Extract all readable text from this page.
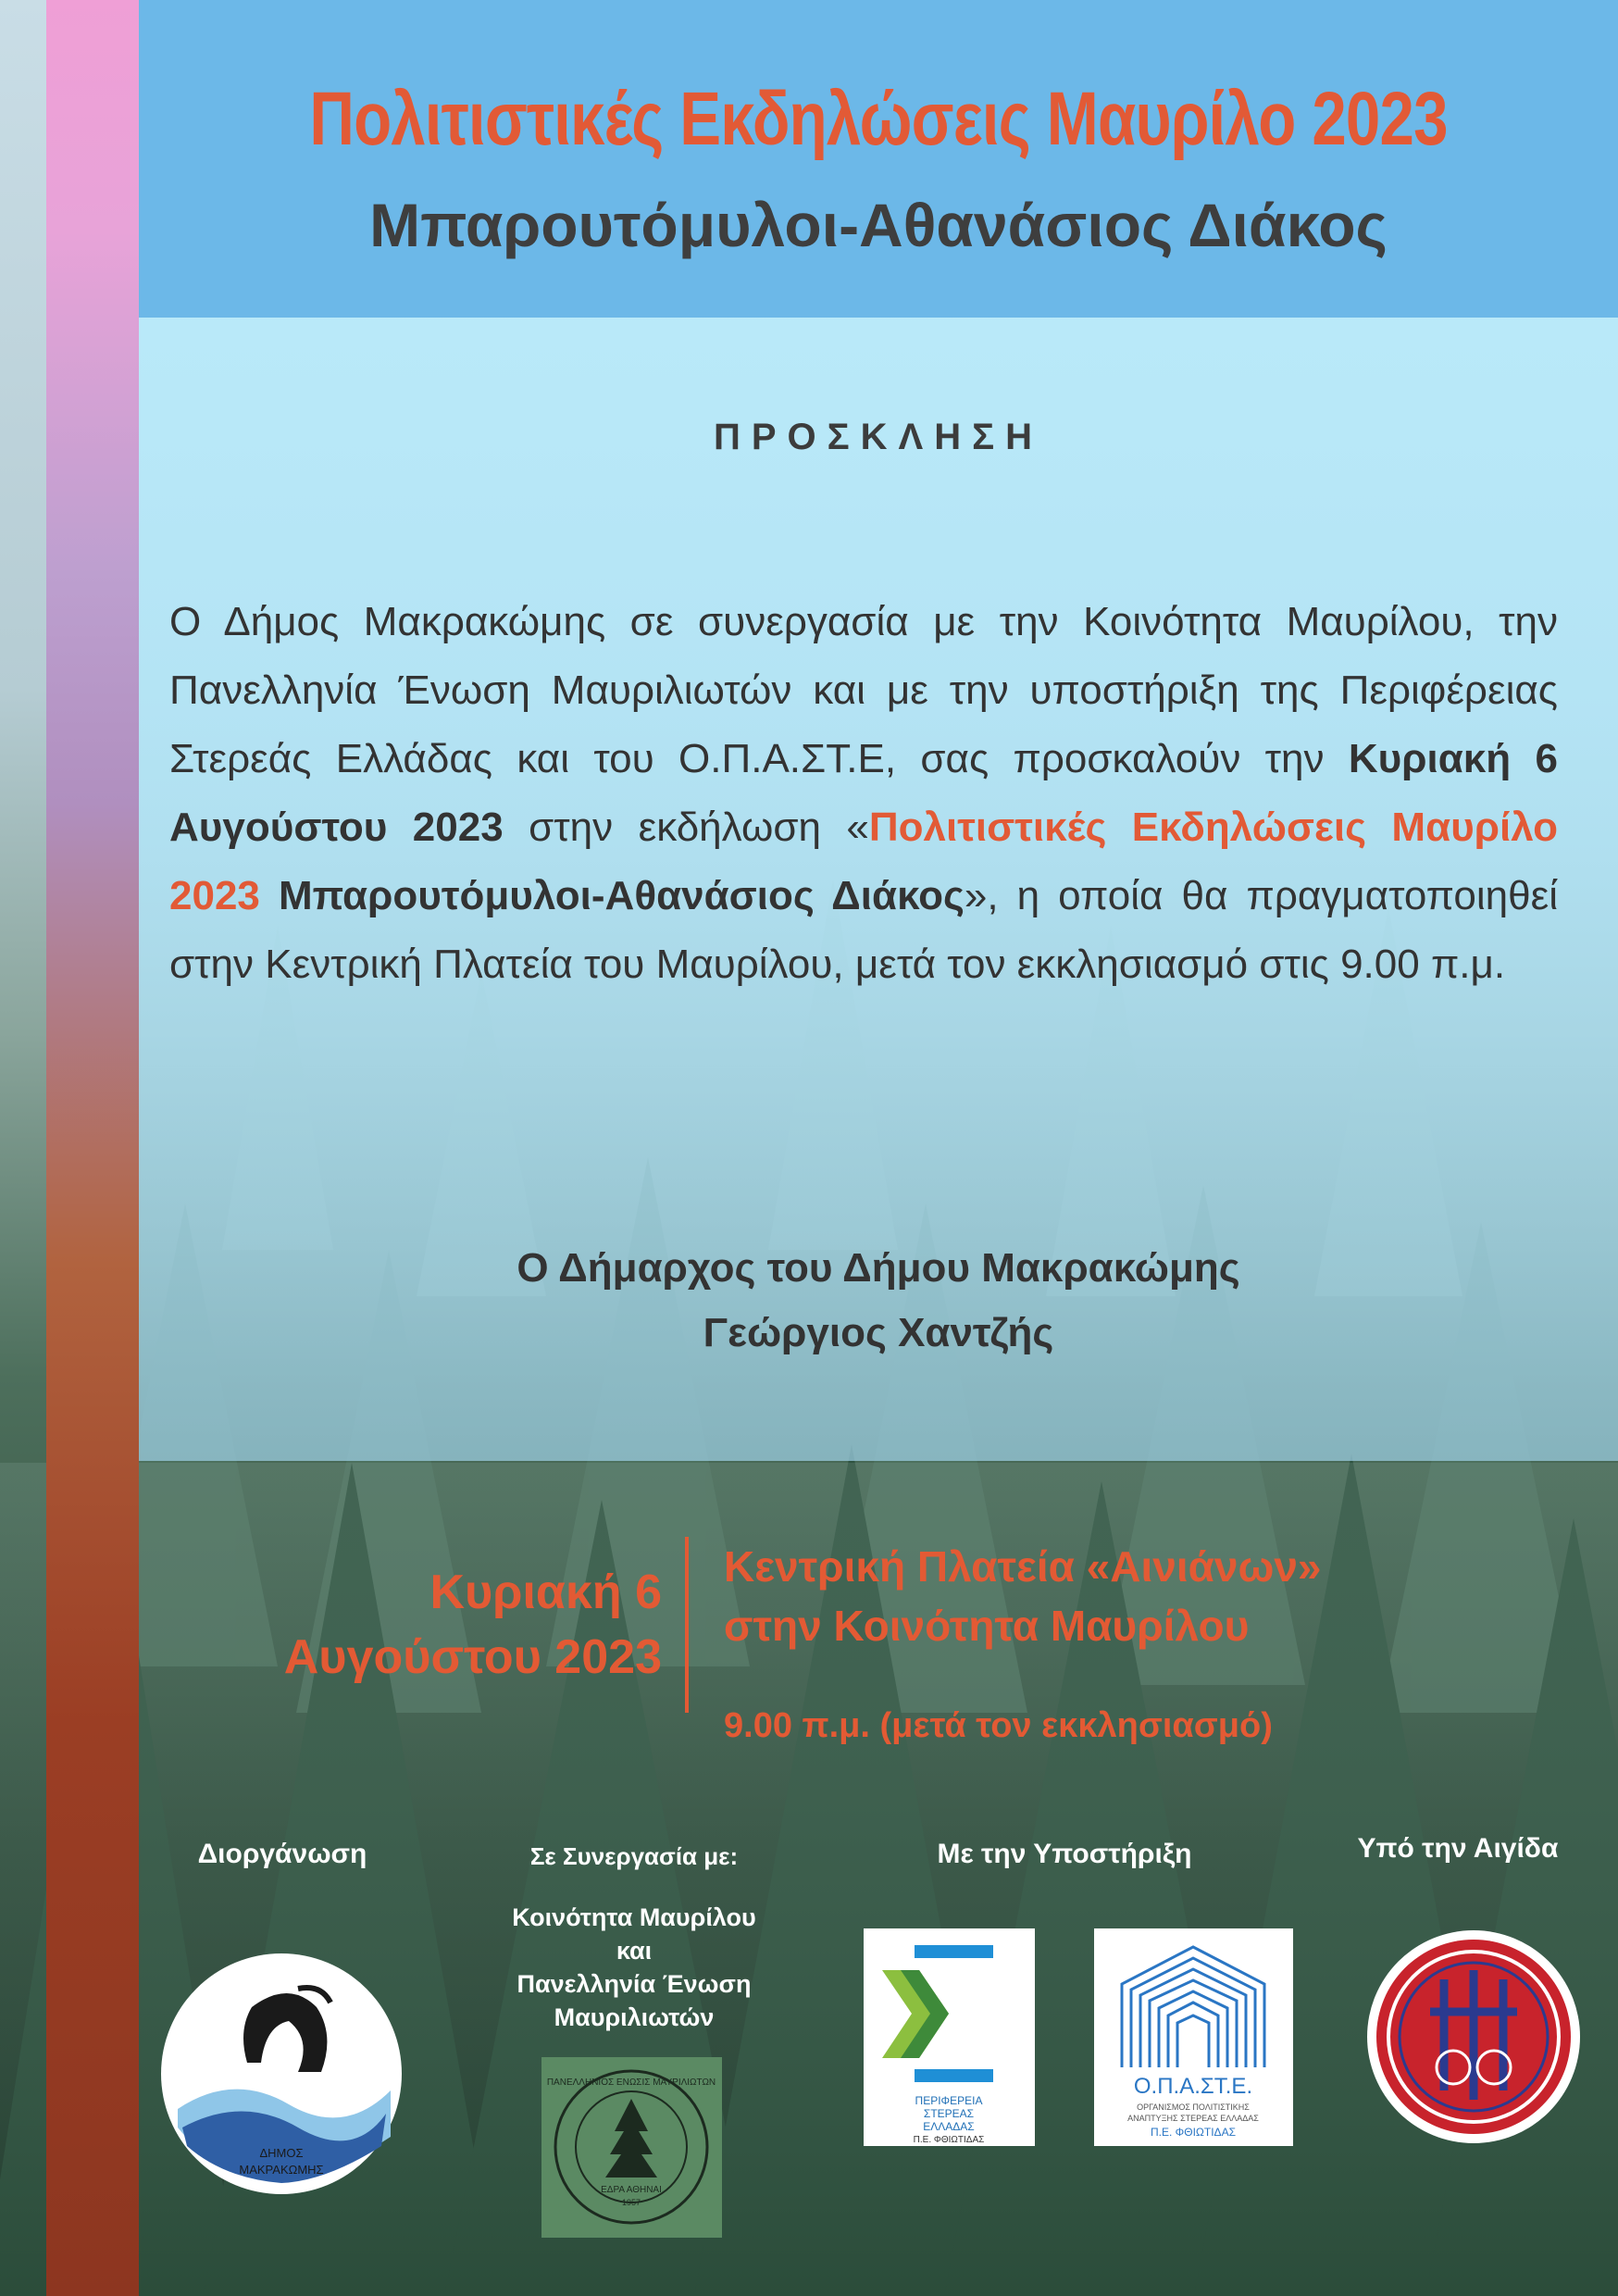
Πολιτιστικές Εκδηλώσεις Μαυρίλο 2023
Μπαρουτόμυλοι-Αθανάσιος Διάκος
ΠΡΟΣΚΛΗΣΗ
Ο Δήμος Μακρακώμης σε συνεργασία με την Κοινότητα Μαυρίλου, την Πανελληνία Ένωση Μαυριλιωτών και με την υποστήριξη της Περιφέρειας Στερεάς Ελλάδας και του Ο.Π.Α.ΣΤ.Ε, σας προσκαλούν την Κυριακή 6 Αυγούστου 2023 στην εκδήλωση «Πολιτιστικές Εκδηλώσεις Μαυρίλο 2023 Μπαρουτόμυλοι-Αθανάσιος Διάκος», η οποία θα πραγματοποιηθεί στην Κεντρική Πλατεία του Μαυρίλου, μετά τον εκκλησιασμό στις 9.00 π.μ.
Ο Δήμαρχος του Δήμου Μακρακώμης
Γεώργιος Χαντζής
Κυριακή 6
Αυγούστου 2023
Κεντρική Πλατεία «Αινιάνων»
στην Κοινότητα Μαυρίλου
9.00 π.μ. (μετά τον εκκλησιασμό)
Διοργάνωση	Σε Συνεργασία με:	Με την Υποστήριξη	Υπό την Αιγίδα
Κοινότητα Μαυρίλου
και
Πανελληνία Ένωση
Μαυριλιωτών
ΔΗΜΟΣ
ΜΑΚΡΑΚΩΜΗΣ
ΠΑΝΕΛΛΗΝΙΟΣ ΕΝΩΣΙΣ ΜΑΥΡΙΛΙΩΤΩΝ
ΕΔΡΑ ΑΘΗΝΑΙ
1957
ΠΕΡΙΦΕΡΕΙΑ
ΣΤΕΡΕΑΣ
ΕΛΛΑΔΑΣ
Π.Ε. ΦΘΙΩΤΙΔΑΣ
Ο.Π.Α.ΣΤ.Ε.
ΟΡΓΑΝΙΣΜΟΣ ΠΟΛΙΤΙΣΤΙΚΗΣ
ΑΝΑΠΤΥΞΗΣ ΣΤΕΡΕΑΣ ΕΛΛΑΔΑΣ
Π.Ε. ΦΘΙΩΤΙΔΑΣ
